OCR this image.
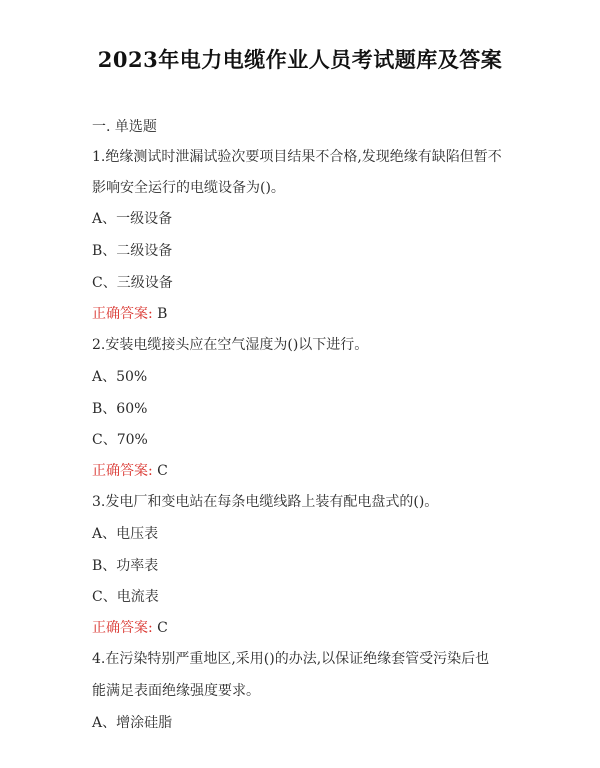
2023年电力电缆作业人员考试题库及答案
一. 单选题
1.绝缘测试时泄漏试验次要项目结果不合格,发现绝缘有缺陷但暂不
影响安全运行的电缆设备为()。
A、一级设备
B、二级设备
C、三级设备
正确答案: B
2.安装电缆接头应在空气湿度为()以下进行。
A、50%
B、60%
C、70%
正确答案: C
3.发电厂和变电站在每条电缆线路上装有配电盘式的()。
A、电压表
B、功率表
C、电流表
正确答案: C
4.在污染特别严重地区,采用()的办法,以保证绝缘套管受污染后也
能满足表面绝缘强度要求。
A、增涂硅脂
